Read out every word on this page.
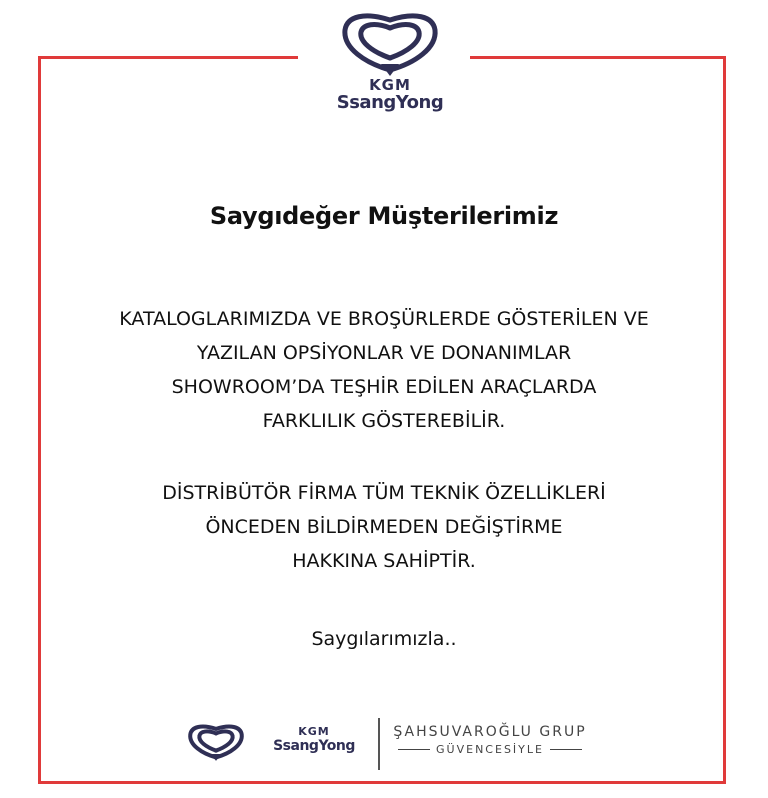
KGM
SsangYong
Saygıdeğer Müşterilerimiz
KATALOGLARIMIZDA VE BROŞÜRLERDE GÖSTERİLEN VE
YAZILAN OPSİYONLAR VE DONANIMLAR
SHOWROOM’DA TEŞHİR EDİLEN ARAÇLARDA
FARKLILIK GÖSTEREBİLİR.
DİSTRİBÜTÖR FİRMA TÜM TEKNİK ÖZELLİKLERİ
ÖNCEDEN BİLDİRMEDEN DEĞİŞTİRME
HAKKINA SAHİPTİR.
Saygılarımızla..
KGM
SsangYong
ŞAHSUVAROĞLU GRUP
GÜVENCESİYLE
